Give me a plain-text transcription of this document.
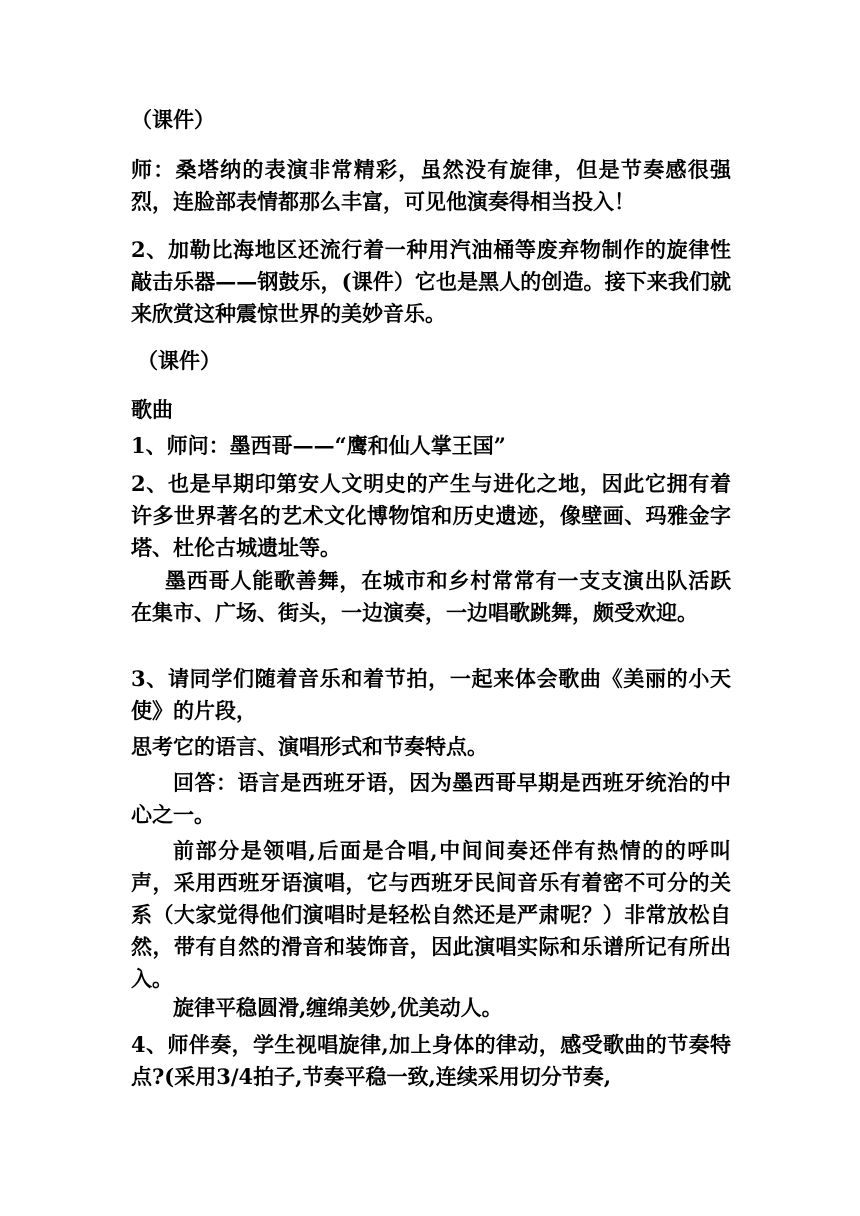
（课件）

师：桑塔纳的表演非常精彩，虽然没有旋律，但是节奏感很强烈，连脸部表情都那么丰富，可见他演奏得相当投入！

2、加勒比海地区还流行着一种用汽油桶等废弃物制作的旋律性敲击乐器——钢鼓乐，(课件）它也是黑人的创造。接下来我们就来欣赏这种震惊世界的美妙音乐。

（课件）

歌曲

1、师问：墨西哥——“鹰和仙人掌王国”

2、也是早期印第安人文明史的产生与进化之地，因此它拥有着许多世界著名的艺术文化博物馆和历史遗迹，像壁画、玛雅金字塔、杜伦古城遗址等。

墨西哥人能歌善舞，在城市和乡村常常有一支支演出队活跃在集市、广场、街头，一边演奏，一边唱歌跳舞，颇受欢迎。

3、请同学们随着音乐和着节拍，一起来体会歌曲《美丽的小天使》的片段，

思考它的语言、演唱形式和节奏特点。

回答：语言是西班牙语，因为墨西哥早期是西班牙统治的中心之一。

前部分是领唱,后面是合唱,中间间奏还伴有热情的的呼叫声，采用西班牙语演唱，它与西班牙民间音乐有着密不可分的关系（大家觉得他们演唱时是轻松自然还是严肃呢？）非常放松自然，带有自然的滑音和装饰音，因此演唱实际和乐谱所记有所出入。

旋律平稳圆滑,缠绵美妙,优美动人。

4、师伴奏，学生视唱旋律,加上身体的律动，感受歌曲的节奏特点?(采用3/4拍子,节奏平稳一致,连续采用切分节奏,
